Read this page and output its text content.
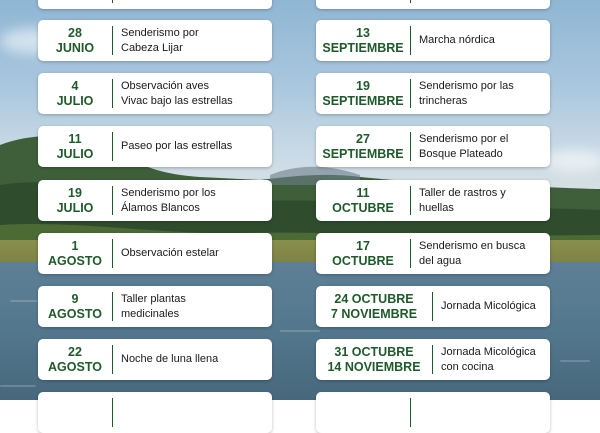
28
JUNIO
Senderismo por
Cabeza Lijar
4
JULIO
Observación aves
Vivac bajo las estrellas
11
JULIO
Paseo por las estrellas
19
JULIO
Senderismo por los
Álamos Blancos
1
AGOSTO
Observación estelar
9
AGOSTO
Taller plantas
medicinales
22
AGOSTO
Noche de luna llena
13
SEPTIEMBRE
Marcha nórdica
19
SEPTIEMBRE
Senderismo por las
trincheras
27
SEPTIEMBRE
Senderismo por el
Bosque Plateado
11
OCTUBRE
Taller de rastros y
huellas
17
OCTUBRE
Senderismo en busca
del agua
24 OCTUBRE
7 NOVIEMBRE
Jornada Micológica
31 OCTUBRE
14 NOVIEMBRE
Jornada Micológica
con cocina
